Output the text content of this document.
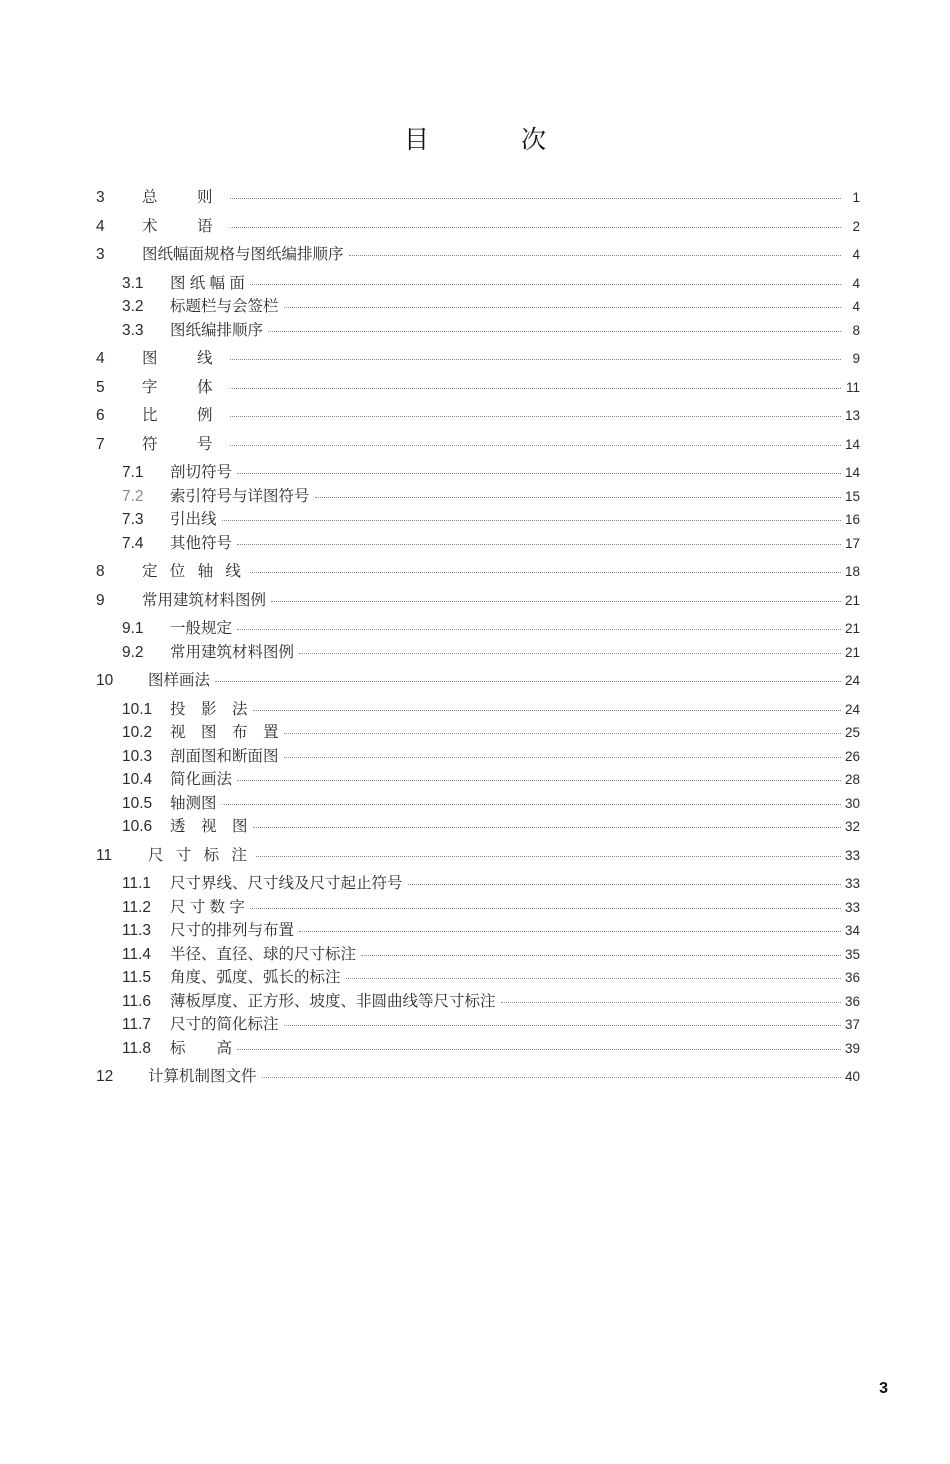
目　　次
3	总　则	1
4	术　语	2
3	图纸幅面规格与图纸编排顺序	4
3.1	图 纸 幅 面	4
3.2	标题栏与会签栏	4
3.3	图纸编排顺序	8
4	图　线	9
5	字　体	11
6	比　例	13
7	符　号	14
7.1	剖切符号	14
7.2	索引符号与详图符号	15
7.3	引出线	16
7.4	其他符号	17
8	定 位 轴 线	18
9	常用建筑材料图例	21
9.1	一般规定	21
9.2	常用建筑材料图例	21
10	图样画法	24
10.1	投　影　法	24
10.2	视　图　布　置	25
10.3	剖面图和断面图	26
10.4	简化画法	28
10.5	轴测图	30
10.6	透　视　图	32
11	尺 寸 标 注	33
11.1	尺寸界线、尺寸线及尺寸起止符号	33
11.2	尺 寸 数 字	33
11.3	尺寸的排列与布置	34
11.4	半径、直径、球的尺寸标注	35
11.5	角度、弧度、弧长的标注	36
11.6	薄板厚度、正方形、坡度、非圆曲线等尺寸标注	36
11.7	尺寸的简化标注	37
11.8	标　　高	39
12	计算机制图文件	40
3
